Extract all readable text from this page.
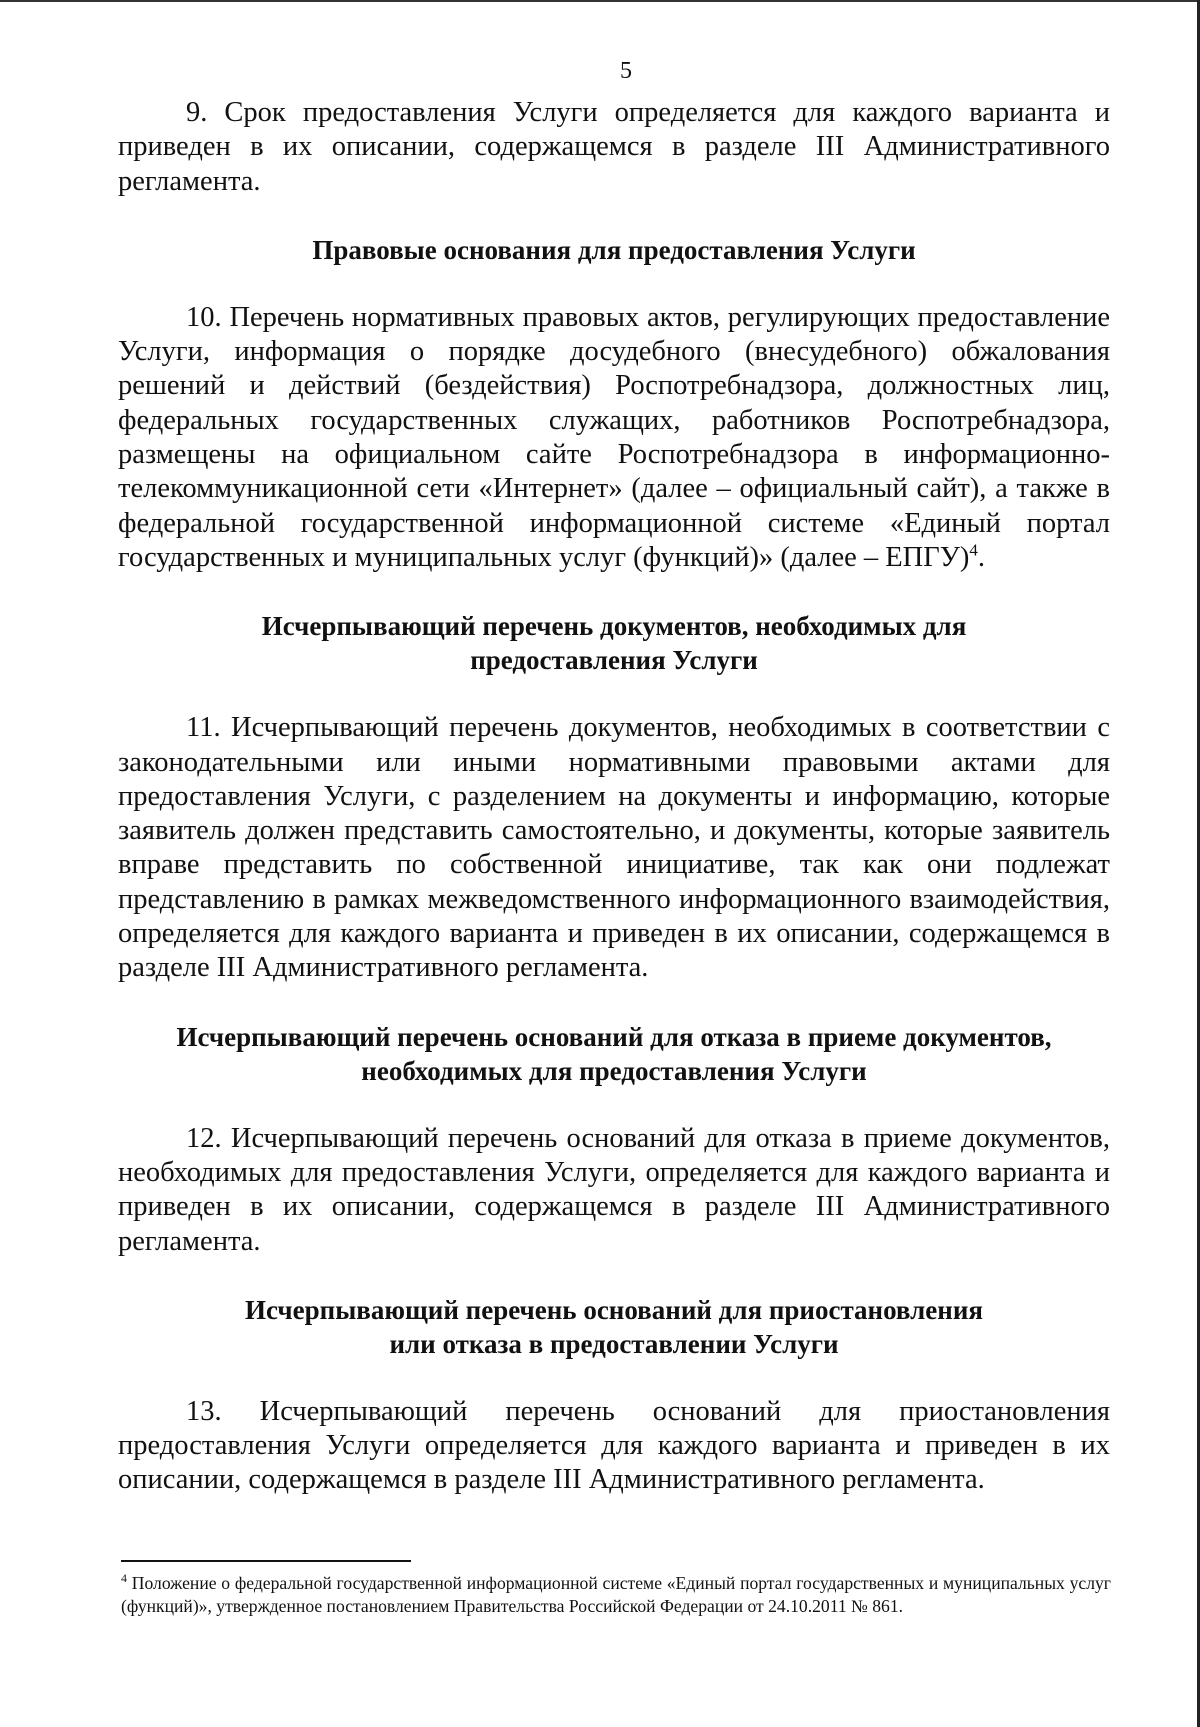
5

9. Срок предоставления Услуги определяется для каждого варианта и приведен в их описании, содержащемся в разделе III Административного регламента.

Правовые основания для предоставления Услуги

10. Перечень нормативных правовых актов, регулирующих предоставление Услуги, информация о порядке досудебного (внесудебного) обжалования решений и действий (бездействия) Роспотребнадзора, должностных лиц, федеральных государственных служащих, работников Роспотребнадзора, размещены на официальном сайте Роспотребнадзора в информационно-телекоммуникационной сети «Интернет» (далее – официальный сайт), а также в федеральной государственной информационной системе «Единый портал государственных и муниципальных услуг (функций)» (далее – ЕПГУ)$^4$.

Исчерпывающий перечень документов, необходимых для
предоставления Услуги

11. Исчерпывающий перечень документов, необходимых в соответствии с законодательными или иными нормативными правовыми актами для предоставления Услуги, с разделением на документы и информацию, которые заявитель должен представить самостоятельно, и документы, которые заявитель вправе представить по собственной инициативе, так как они подлежат представлению в рамках межведомственного информационного взаимодействия, определяется для каждого варианта и приведен в их описании, содержащемся в разделе III Административного регламента.

Исчерпывающий перечень оснований для отказа в приеме документов,
необходимых для предоставления Услуги

12. Исчерпывающий перечень оснований для отказа в приеме документов, необходимых для предоставления Услуги, определяется для каждого варианта и приведен в их описании, содержащемся в разделе III Административного регламента.

Исчерпывающий перечень оснований для приостановления
или отказа в предоставлении Услуги

13. Исчерпывающий перечень оснований для приостановления предоставления Услуги определяется для каждого варианта и приведен в их описании, содержащемся в разделе III Административного регламента.

$^4$ Положение о федеральной государственной информационной системе «Единый портал государственных и муниципальных услуг (функций)», утвержденное постановлением Правительства Российской Федерации от 24.10.2011 № 861.
